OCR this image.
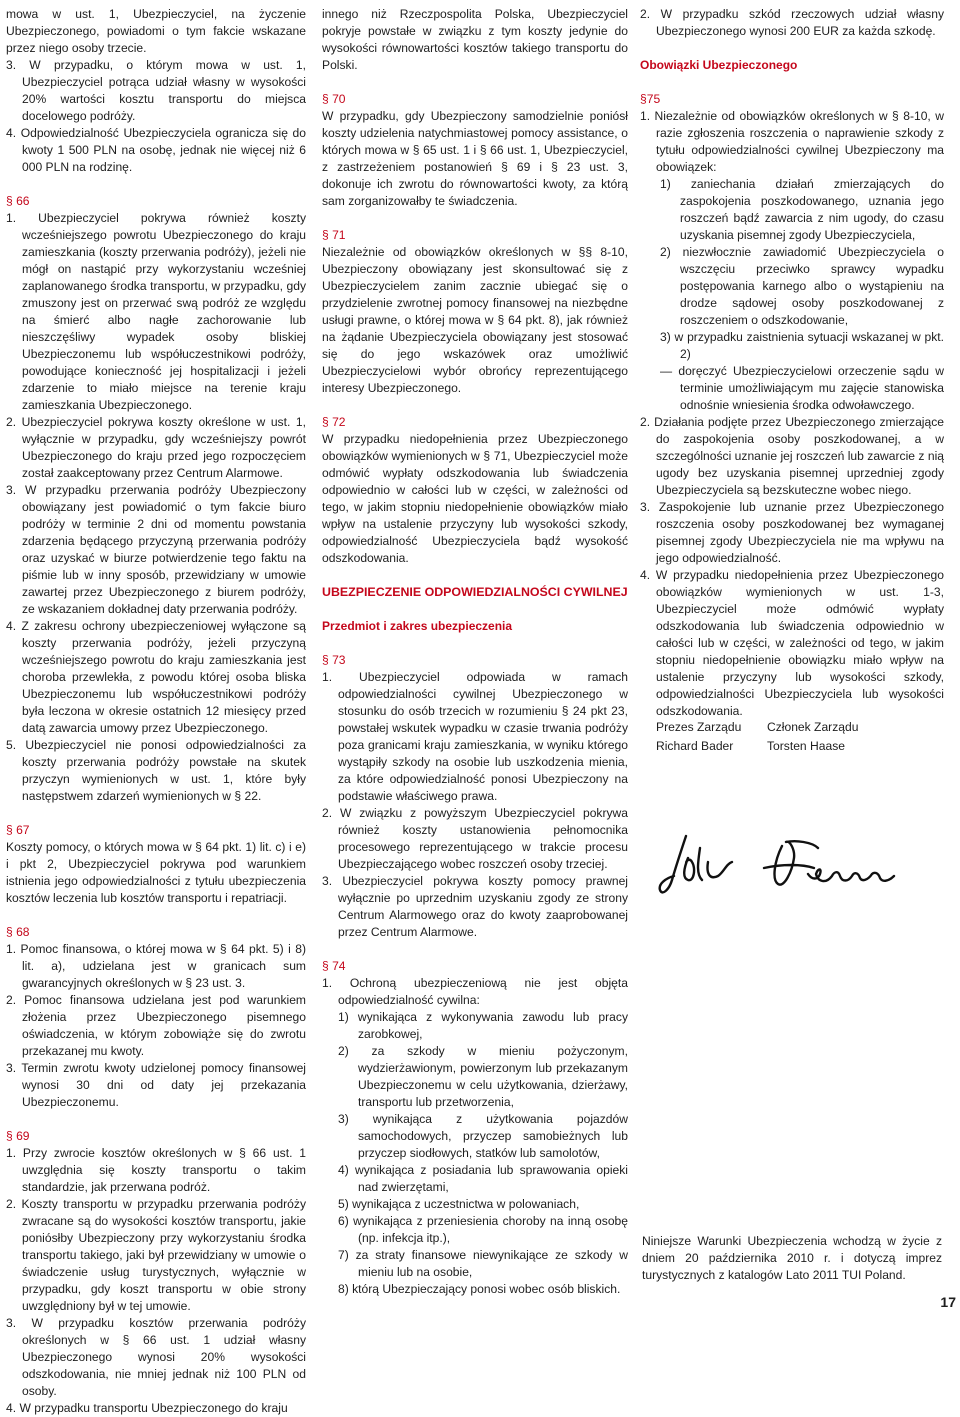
mowa w ust. 1, Ubezpieczyciel, na życzenie Ubezpieczonego, powiadomi o tym fakcie wskazane przez niego osoby trzecie.

3. W przypadku, o którym mowa w ust. 1, Ubezpieczyciel potrąca udział własny w wysokości 20% wartości kosztu transportu do miejsca docelowego podróży.

4. Odpowiedzialność Ubezpieczyciela ogranicza się do kwoty 1 500 PLN na osobę, jednak nie więcej niż 6 000 PLN na rodzinę.

§ 66

1. Ubezpieczyciel pokrywa również koszty wcześniejszego powrotu Ubezpieczonego do kraju zamieszkania (koszty przerwania podróży), jeżeli nie mógł on nastąpić przy wykorzystaniu wcześniej zaplanowanego środka transportu, w przypadku, gdy zmuszony jest on przerwać swą podróż ze względu na śmierć albo nagłe zachorowanie lub nieszczęśliwy wypadek osoby bliskiej Ubezpieczonemu lub współuczestnikowi podróży, powodujące konieczność jej hospitalizacji i jeżeli zdarzenie to miało miejsce na terenie kraju zamieszkania Ubezpieczonego.

2. Ubezpieczyciel pokrywa koszty określone w ust. 1, wyłącznie w przypadku, gdy wcześniejszy powrót Ubezpieczonego do kraju przed jego rozpoczęciem został zaakceptowany przez Centrum Alarmowe.

3. W przypadku przerwania podróży Ubezpieczony obowiązany jest powiadomić o tym fakcie biuro podróży w terminie 2 dni od momentu powstania zdarzenia będącego przyczyną przerwania podróży oraz uzyskać w biurze potwierdzenie tego faktu na piśmie lub w inny sposób, przewidziany w umowie zawartej przez Ubezpieczonego z biurem podróży, ze wskazaniem dokładnej daty przerwania podróży.

4. Z zakresu ochrony ubezpieczeniowej wyłączone są koszty przerwania podróży, jeżeli przyczyną wcześniejszego powrotu do kraju zamieszkania jest choroba przewlekła, z powodu której osoba bliska Ubezpieczonemu lub współuczestnikowi podróży była leczona w okresie ostatnich 12 miesięcy przed datą zawarcia umowy przez Ubezpieczonego.

5. Ubezpieczyciel nie ponosi odpowiedzialności za koszty przerwania podróży powstałe na skutek przyczyn wymienionych w ust. 1, które były następstwem zdarzeń wymienionych w § 22.

§ 67

Koszty pomocy, o których mowa w § 64 pkt. 1) lit. c) i e) i pkt 2, Ubezpieczyciel pokrywa pod warunkiem istnienia jego odpowiedzialności z tytułu ubezpieczenia kosztów leczenia lub kosztów transportu i repatriacji.

§ 68

1. Pomoc finansowa, o której mowa w § 64 pkt. 5) i 8) lit. a), udzielana jest w granicach sum gwarancyjnych określonych w § 23 ust. 3.

2. Pomoc finansowa udzielana jest pod warunkiem złożenia przez Ubezpieczonego pisemnego oświadczenia, w którym zobowiąże się do zwrotu przekazanej mu kwoty.

3. Termin zwrotu kwoty udzielonej pomocy finansowej wynosi 30 dni od daty jej przekazania Ubezpieczonemu.

§ 69

1. Przy zwrocie kosztów określonych w § 66 ust. 1 uwzględnia się koszty transportu o takim standardzie, jak przerwana podróż.

2. Koszty transportu w przypadku przerwania podróży zwracane są do wysokości kosztów transportu, jakie poniósłby Ubezpieczony przy wykorzystaniu środka transportu takiego, jaki był przewidziany w umowie o świadczenie usług turystycznych, wyłącznie w przypadku, gdy koszt transportu w obie strony uwzględniony był w tej umowie.

3. W przypadku kosztów przerwania podróży określonych w § 66 ust. 1 udział własny Ubezpieczonego wynosi 20% wysokości odszkodowania, nie mniej jednak niż 100 PLN od osoby.

4. W przypadku transportu Ubezpieczonego do kraju

innego niż Rzeczpospolita Polska, Ubezpieczyciel pokryje powstałe w związku z tym koszty jedynie do wysokości równowartości kosztów takiego transportu do Polski.

§ 70

W przypadku, gdy Ubezpieczony samodzielnie poniósł koszty udzielenia natychmiastowej pomocy assistance, o których mowa w § 65 ust. 1 i § 66 ust. 1, Ubezpieczyciel, z zastrzeżeniem postanowień § 69 i § 23 ust. 3, dokonuje ich zwrotu do równowartości kwoty, za którą sam zorganizowałby te świadczenia.

§ 71

Niezależnie od obowiązków określonych w §§ 8-10, Ubezpieczony obowiązany jest skonsultować się z Ubezpieczycielem zanim zacznie ubiegać się o przydzielenie zwrotnej pomocy finansowej na niezbędne usługi prawne, o której mowa w § 64 pkt. 8), jak również na żądanie Ubezpieczyciela obowiązany jest stosować się do jego wskazówek oraz umożliwić Ubezpieczycielowi wybór obrońcy reprezentującego interesy Ubezpieczonego.

§ 72

W przypadku niedopełnienia przez Ubezpieczonego obowiązków wymienionych w § 71, Ubezpieczyciel może odmówić wypłaty odszkodowania lub świadczenia odpowiednio w całości lub w części, w zależności od tego, w jakim stopniu niedopełnienie obowiązków miało wpływ na ustalenie przyczyny lub wysokości szkody, odpowiedzialność Ubezpieczyciela bądź wysokość odszkodowania.

UBEZPIECZENIE ODPOWIEDZIALNOŚCI CYWILNEJ

Przedmiot i zakres ubezpieczenia

§ 73

1. Ubezpieczyciel odpowiada w ramach odpowiedzialności cywilnej Ubezpieczonego w stosunku do osób trzecich w rozumieniu § 24 pkt 23, powstałej wskutek wypadku w czasie trwania podróży poza granicami kraju zamieszkania, w wyniku którego wystąpiły szkody na osobie lub uszkodzenia mienia, za które odpowiedzialność ponosi Ubezpieczony na podstawie właściwego prawa.

2. W związku z powyższym Ubezpieczyciel pokrywa również koszty ustanowienia pełnomocnika procesowego reprezentującego w trakcie procesu Ubezpieczającego wobec roszczeń osoby trzeciej.

3. Ubezpieczyciel pokrywa koszty pomocy prawnej wyłącznie po uprzednim uzyskaniu zgody ze strony Centrum Alarmowego oraz do kwoty zaaprobowanej przez Centrum Alarmowe.

§ 74

1. Ochroną ubezpieczeniową nie jest objęta odpowiedzialność cywilna:

1) wynikająca z wykonywania zawodu lub pracy zarobkowej,

2) za szkody w mieniu pożyczonym, wydzierżawionym, powierzonym lub przekazanym Ubezpieczonemu w celu użytkowania, dzierżawy, transportu lub przetworzenia,

3) wynikająca z użytkowania pojazdów samochodowych, przyczep samobieżnych lub przyczep siodłowych, statków lub samolotów,

4) wynikająca z posiadania lub sprawowania opieki nad zwierzętami,

5) wynikająca z uczestnictwa w polowaniach,

6) wynikająca z przeniesienia choroby na inną osobę (np. infekcja itp.),

7) za straty finansowe niewynikające ze szkody w mieniu lub na osobie,

8) którą Ubezpieczający ponosi wobec osób bliskich.

2. W przypadku szkód rzeczowych udział własny Ubezpieczonego wynosi 200 EUR za każda szkodę.

Obowiązki Ubezpieczonego

§75

1. Niezależnie od obowiązków określonych w § 8-10, w razie zgłoszenia roszczenia o naprawienie szkody z tytułu odpowiedzialności cywilnej Ubezpieczony ma obowiązek:

1) zaniechania działań zmierzających do zaspokojenia poszkodowanego, uznania jego roszczeń bądź zawarcia z nim ugody, do czasu uzyskania pisemnej zgody Ubezpieczyciela,

2) niezwłocznie zawiadomić Ubezpieczyciela o wszczęciu przeciwko sprawcy wypadku postępowania karnego albo o wystąpieniu na drodze sądowej osoby poszkodowanej z roszczeniem o odszkodowanie,

3) w przypadku zaistnienia sytuacji wskazanej w pkt. 2)

— doręczyć Ubezpieczycielowi orzeczenie sądu w terminie umożliwiającym mu zajęcie stanowiska odnośnie wniesienia środka odwoławczego.

2. Działania podjęte przez Ubezpieczonego zmierzające do zaspokojenia osoby poszkodowanej, a w szczególności uznanie jej roszczeń lub zawarcie z nią ugody bez uzyskania pisemnej uprzedniej zgody Ubezpieczyciela są bezskuteczne wobec niego.

3. Zaspokojenie lub uznanie przez Ubezpieczonego roszczenia osoby poszkodowanej bez wymaganej pisemnej zgody Ubezpieczyciela nie ma wpływu na jego odpowiedzialność.

4. W przypadku niedopełnienia przez Ubezpieczonego obowiązków wymienionych w ust. 1-3, Ubezpieczyciel może odmówić wypłaty odszkodowania lub świadczenia odpowiednio w całości lub w części, w zależności od tego, w jakim stopniu niedopełnienie obowiązku miało wpływ na ustalenie przyczyny lub wysokości szkody, odpowiedzialności Ubezpieczyciela lub wysokości odszkodowania.

Prezes Zarządu
Richard Bader
Członek Zarządu
Torsten Haase

Niniejsze Warunki Ubezpieczenia wchodzą w życie z dniem 20 października 2010 r. i dotyczą imprez turystycznych z katalogów Lato 2011 TUI Poland.

17
